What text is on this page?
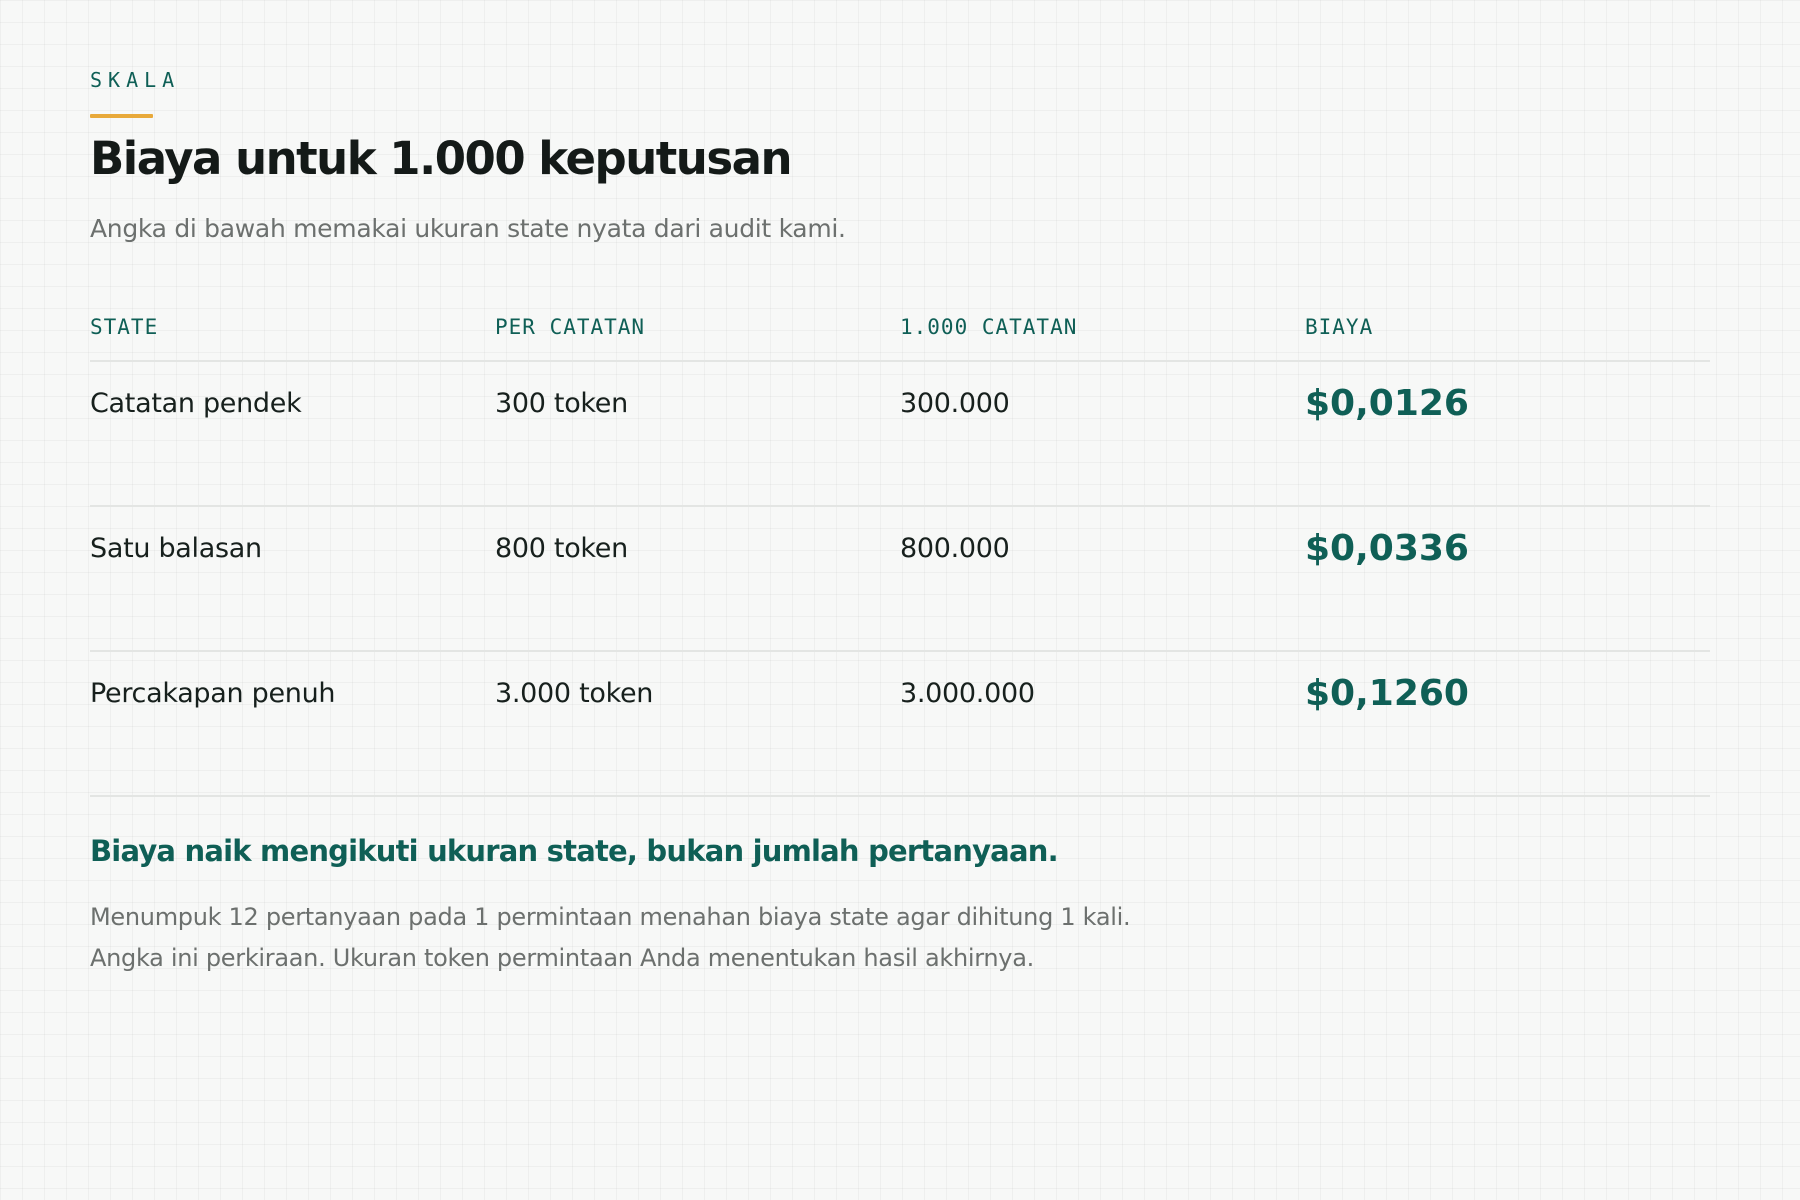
SKALA
Biaya untuk 1.000 keputusan
Angka di bawah memakai ukuran state nyata dari audit kami.
STATE	PER CATATAN	1.000 CATATAN	BIAYA
Catatan pendek	300 token	300.000	$0,0126
Satu balasan	800 token	800.000	$0,0336
Percakapan penuh	3.000 token	3.000.000	$0,1260
Biaya naik mengikuti ukuran state, bukan jumlah pertanyaan.
Menumpuk 12 pertanyaan pada 1 permintaan menahan biaya state agar dihitung 1 kali.
Angka ini perkiraan. Ukuran token permintaan Anda menentukan hasil akhirnya.
